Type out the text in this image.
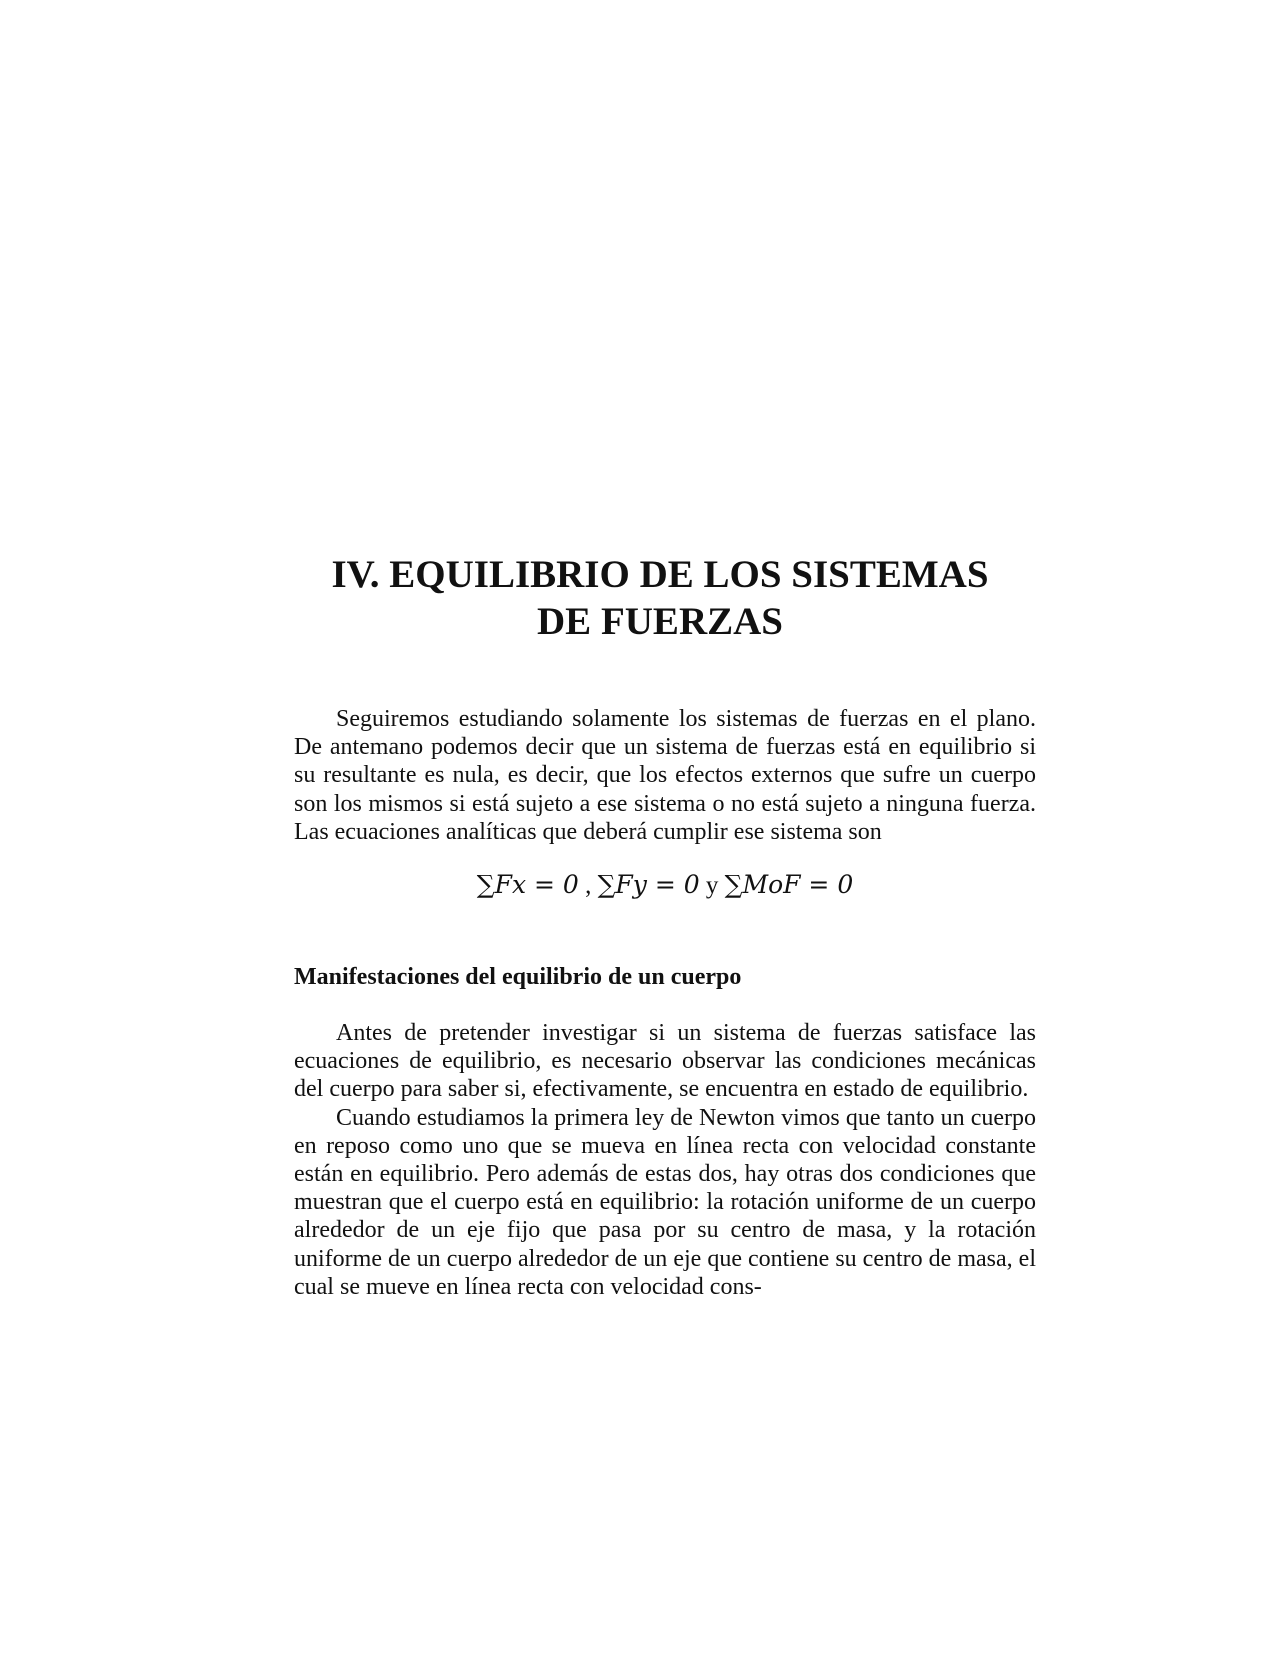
IV. EQUILIBRIO DE LOS SISTEMAS
DE FUERZAS

Seguiremos estudiando solamente los sistemas de fuerzas en el plano. De antemano podemos decir que un sistema de fuerzas está en equilibrio si su resultante es nula, es decir, que los efectos externos que sufre un cuerpo son los mismos si está sujeto a ese sistema o no está sujeto a ninguna fuerza. Las ecuaciones analíticas que deberá cumplir ese sistema son

∑𝐹𝑥 = 0 , ∑𝐹𝑦 = 0 y ∑𝑀𝑜𝐹 = 0
Manifestaciones del equilibrio de un cuerpo

Antes de pretender investigar si un sistema de fuerzas satisface las ecuaciones de equilibrio, es necesario observar las condiciones mecánicas del cuerpo para saber si, efectivamente, se encuentra en estado de equilibrio.

Cuando estudiamos la primera ley de Newton vimos que tanto un cuerpo en reposo como uno que se mueva en línea recta con velocidad constante están en equilibrio. Pero además de estas dos, hay otras dos condiciones que muestran que el cuerpo está en equilibrio: la rotación uniforme de un cuerpo alrededor de un eje fijo que pasa por su centro de masa, y la rotación uniforme de un cuerpo alrededor de un eje que contiene su centro de masa, el cual se mueve en línea recta con velocidad cons-
